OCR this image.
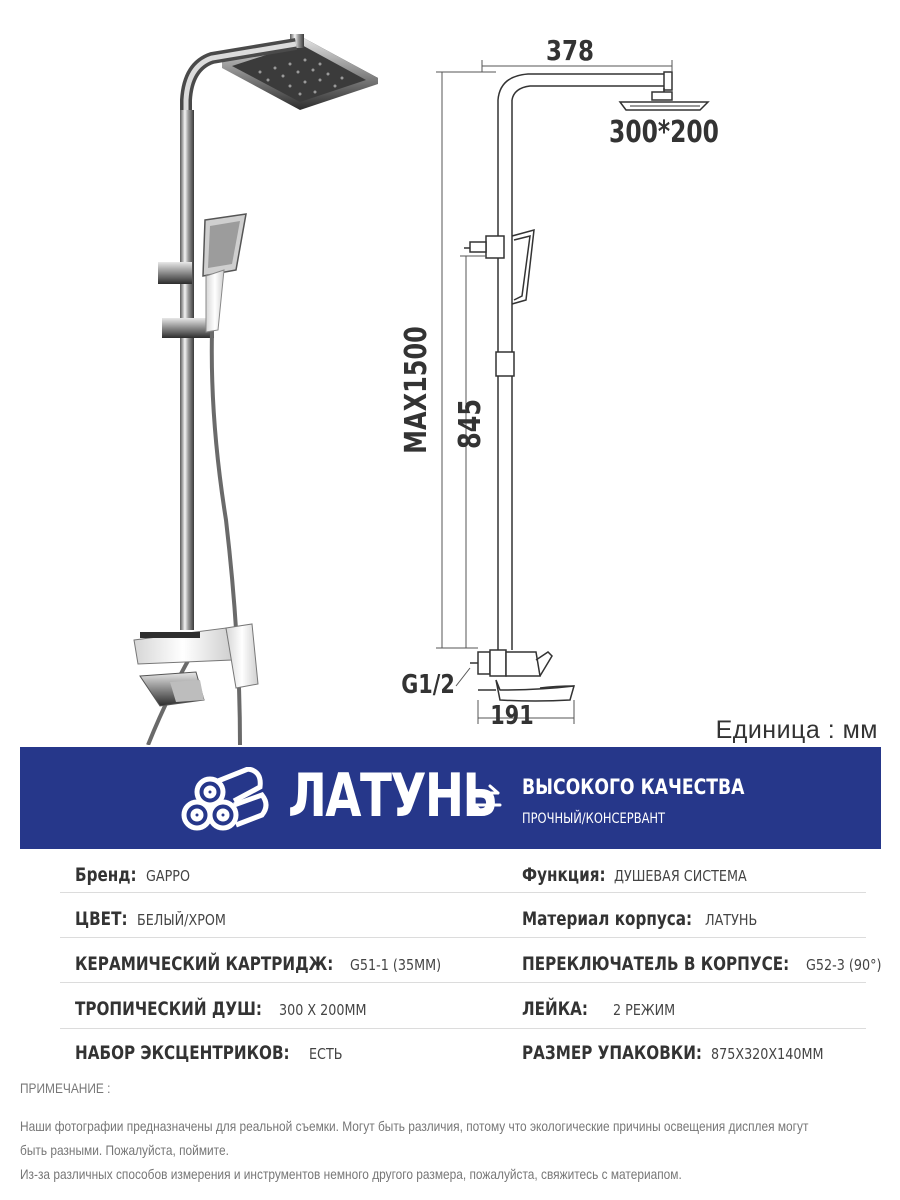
378
300*200
MAX1500 845
G1/2
191	Единица : мм
ЛАТУНЬ ВЫСОКОГО КАЧЕСТВА
ПРОЧНЫЙ/КОНСЕРВАНТ
Бренд: GAPPO
ЦВЕТ: БЕЛЫЙ/ХРОМ
КЕРАМИЧЕСКИЙ КАРТРИДЖ: G51-1 (35MM)
ТРОПИЧЕСКИЙ ДУШ: 300 X 200MM
НАБОР ЭКСЦЕНТРИКОВ: ЕСТЬ
Функция: ДУШЕВАЯ СИСТЕМА
Материал корпуса: ЛАТУНЬ
ПЕРЕКЛЮЧАТЕЛЬ В КОРПУСЕ: G52-3 (90°)
ЛЕЙКА: 2 РЕЖИМ
РАЗМЕР УПАКОВКИ: 875X320X140MM
ПРИМЕЧАНИЕ :
Наши фотографии предназначены для реальной съемки. Могут быть различия, потому что экологические причины освещения дисплея могут
быть разными. Пожалуйста, поймите.
Из-за различных способов измерения и инструментов немного другого размера, пожалуйста, свяжитесь с материапом.
